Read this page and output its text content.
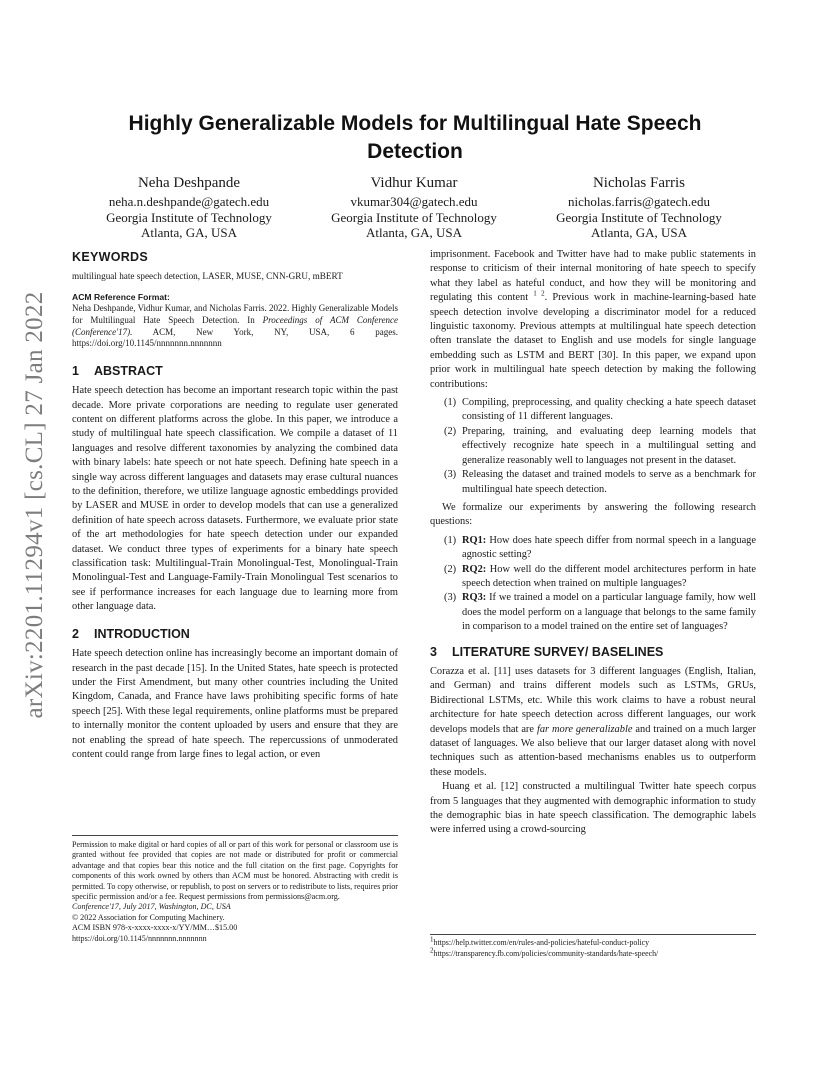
arXiv:2201.11294v1 [cs.CL] 27 Jan 2022
Highly Generalizable Models for Multilingual Hate Speech Detection
Neha Deshpande
neha.n.deshpande@gatech.edu
Georgia Institute of Technology
Atlanta, GA, USA
Vidhur Kumar
vkumar304@gatech.edu
Georgia Institute of Technology
Atlanta, GA, USA
Nicholas Farris
nicholas.farris@gatech.edu
Georgia Institute of Technology
Atlanta, GA, USA
KEYWORDS
multilingual hate speech detection, LASER, MUSE, CNN-GRU, mBERT
ACM Reference Format:
Neha Deshpande, Vidhur Kumar, and Nicholas Farris. 2022. Highly Generalizable Models for Multilingual Hate Speech Detection. In Proceedings of ACM Conference (Conference'17). ACM, New York, NY, USA, 6 pages. https://doi.org/10.1145/nnnnnnn.nnnnnnn
1 ABSTRACT

Hate speech detection has become an important research topic within the past decade. More private corporations are needing to regulate user generated content on different platforms across the globe. In this paper, we introduce a study of multilingual hate speech classification. We compile a dataset of 11 languages and resolve different taxonomies by analyzing the combined data with binary labels: hate speech or not hate speech. Defining hate speech in a single way across different languages and datasets may erase cultural nuances to the definition, therefore, we utilize language agnostic embeddings provided by LASER and MUSE in order to develop models that can use a generalized definition of hate speech across datasets. Furthermore, we evaluate prior state of the art methodologies for hate speech detection under our expanded dataset. We conduct three types of experiments for a binary hate speech classification task: Multilingual-Train Monolingual-Test, Monolingual-Train Monolingual-Test and Language-Family-Train Monolingual Test scenarios to see if performance increases for each language due to learning more from other language data.

2 INTRODUCTION

Hate speech detection online has increasingly become an important domain of research in the past decade [15]. In the United States, hate speech is protected under the First Amendment, but many other countries including the United Kingdom, Canada, and France have laws prohibiting specific forms of hate speech [25]. With these legal requirements, online platforms must be prepared to internally monitor the content uploaded by users and ensure that they are not enabling the spread of hate speech. The repercussions of unmoderated content could range from large fines to legal action, or even

Permission to make digital or hard copies of all or part of this work for personal or classroom use is granted without fee provided that copies are not made or distributed for profit or commercial advantage and that copies bear this notice and the full citation on the first page. Copyrights for components of this work owned by others than ACM must be honored. Abstracting with credit is permitted. To copy otherwise, or republish, to post on servers or to redistribute to lists, requires prior specific permission and/or a fee. Request permissions from permissions@acm.org.

Conference'17, July 2017, Washington, DC, USA
© 2022 Association for Computing Machinery.
ACM ISBN 978-x-xxxx-xxxx-x/YY/MM…$15.00
https://doi.org/10.1145/nnnnnnn.nnnnnnn

imprisonment. Facebook and Twitter have had to make public statements in response to criticism of their internal monitoring of hate speech to specify what they label as hateful conduct, and how they will be monitoring and regulating this content $^{1 2}$. Previous work in machine-learning-based hate speech detection involve developing a discriminator model for a reduced linguistic taxonomy. Previous attempts at multilingual hate speech detection often translate the dataset to English and use models for single language embedding such as LSTM and BERT [30]. In this paper, we expand upon prior work in multilingual hate speech detection by making the following contributions:

(1) Compiling, preprocessing, and quality checking a hate speech dataset consisting of 11 different languages.
(2) Preparing, training, and evaluating deep learning models that effectively recognize hate speech in a multilingual setting and generalize reasonably well to languages not present in the dataset.
(3) Releasing the dataset and trained models to serve as a benchmark for multilingual hate speech detection.

We formalize our experiments by answering the following research questions:

(1) RQ1: How does hate speech differ from normal speech in a language agnostic setting?
(2) RQ2: How well do the different model architectures perform in hate speech detection when trained on multiple languages?
(3) RQ3: If we trained a model on a particular language family, how well does the model perform on a language that belongs to the same family in comparison to a model trained on the entire set of languages?
3 LITERATURE SURVEY/ BASELINES

Corazza et al. [11] uses datasets for 3 different languages (English, Italian, and German) and trains different models such as LSTMs, GRUs, Bidirectional LSTMs, etc. While this work claims to have a robust neural architecture for hate speech detection across different languages, our work develops models that are far more generalizable and trained on a much larger dataset of languages. We also believe that our larger dataset along with novel techniques such as attention-based mechanisms enables us to outperform these models.

Huang et al. [12] constructed a multilingual Twitter hate speech corpus from 5 languages that they augmented with demographic information to study the demographic bias in hate speech classification. The demographic labels were inferred using a crowd-sourcing

$^1$https://help.twitter.com/en/rules-and-policies/hateful-conduct-policy
$^2$https://transparency.fb.com/policies/community-standards/hate-speech/
